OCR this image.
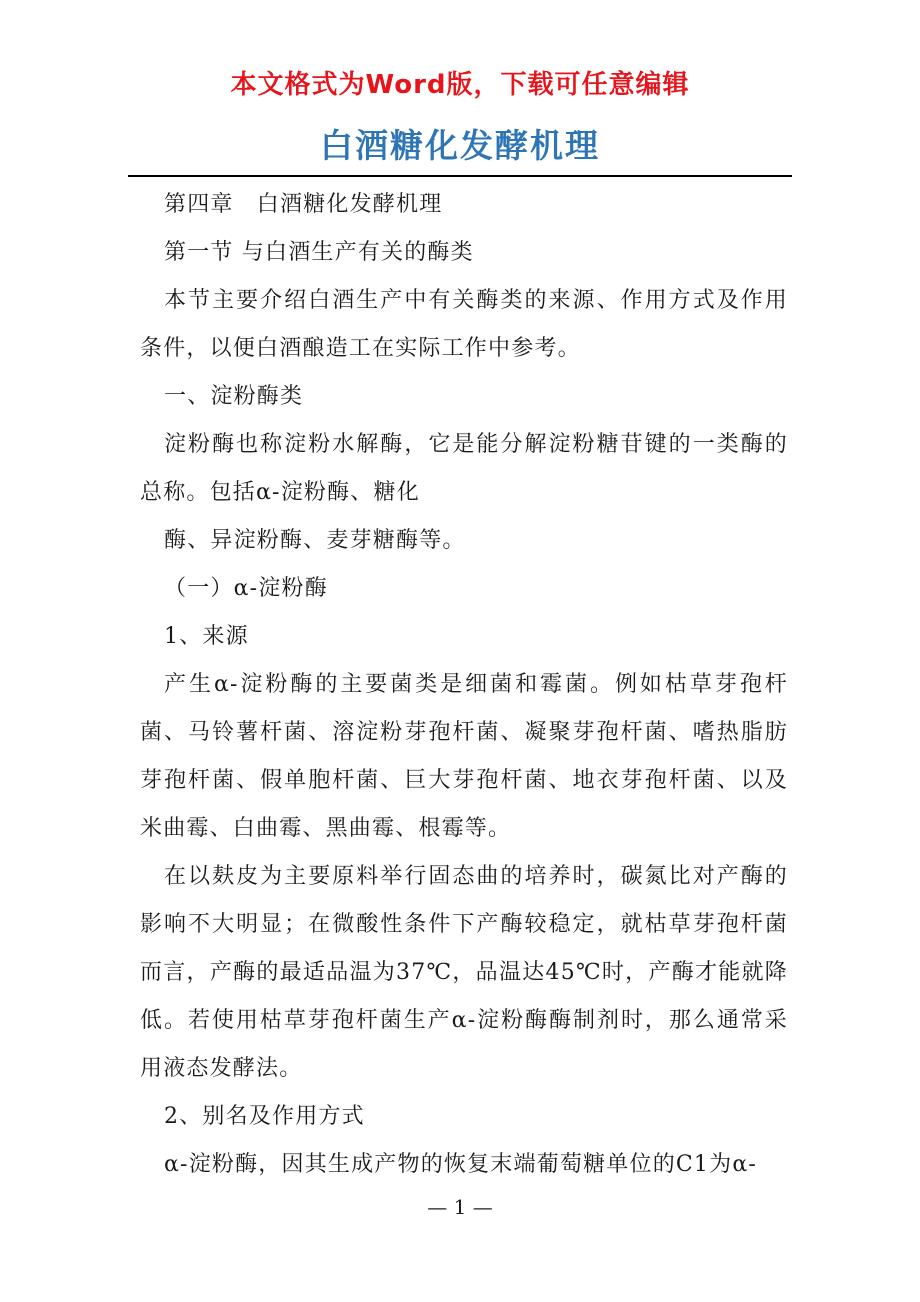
本文格式为Word版，下载可任意编辑
白酒糖化发酵机理

第四章　白酒糖化发酵机理

第一节 与白酒生产有关的酶类

本节主要介绍白酒生产中有关酶类的来源、作用方式及作用条件，以便白酒酿造工在实际工作中参考。

一、淀粉酶类

淀粉酶也称淀粉水解酶，它是能分解淀粉糖苷键的一类酶的总称。包括α-淀粉酶、糖化

酶、异淀粉酶、麦芽糖酶等。

（一）α-淀粉酶

1、来源

产生α-淀粉酶的主要菌类是细菌和霉菌。例如枯草芽孢杆菌、马铃薯杆菌、溶淀粉芽孢杆菌、凝聚芽孢杆菌、嗜热脂肪芽孢杆菌、假单胞杆菌、巨大芽孢杆菌、地衣芽孢杆菌、以及米曲霉、白曲霉、黑曲霉、根霉等。

在以麸皮为主要原料举行固态曲的培养时，碳氮比对产酶的影响不大明显；在微酸性条件下产酶较稳定，就枯草芽孢杆菌而言，产酶的最适品温为37℃，品温达45℃时，产酶才能就降低。若使用枯草芽孢杆菌生产α-淀粉酶酶制剂时，那么通常采用液态发酵法。

2、别名及作用方式

α-淀粉酶，因其生成产物的恢复末端葡萄糖单位的C1为α-

— 1 —
